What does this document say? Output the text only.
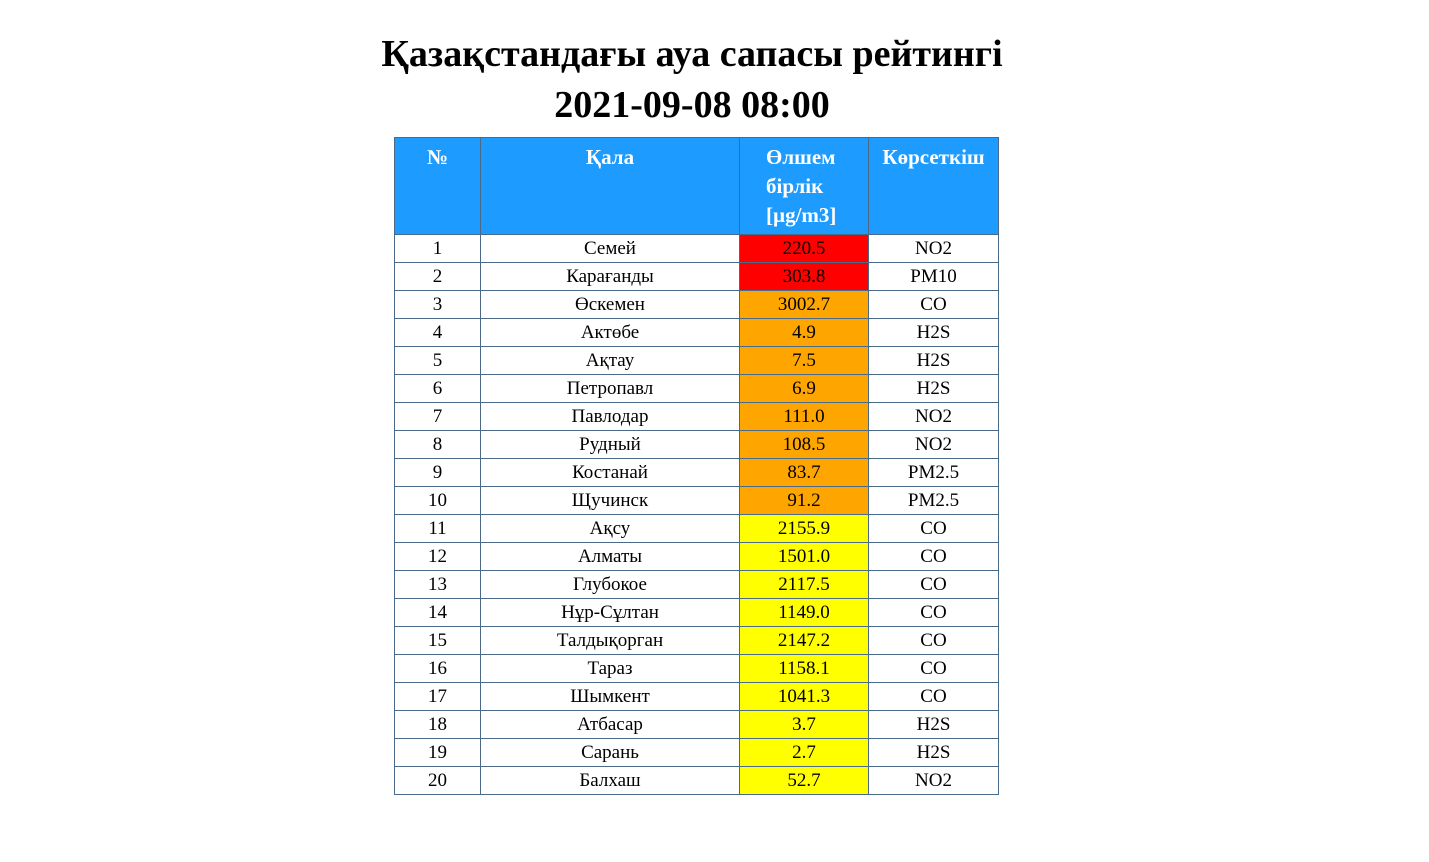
Қазақстандағы ауа сапасы рейтингі
2021-09-08 08:00
№	Қала	Өлшем бірлік [µg/m3]	Көрсеткіш
1	Семей	220.5	NO2
2	Карағанды	303.8	PM10
3	Өскемен	3002.7	CO
4	Актөбе	4.9	H2S
5	Ақтау	7.5	H2S
6	Петропавл	6.9	H2S
7	Павлодар	111.0	NO2
8	Рудный	108.5	NO2
9	Костанай	83.7	PM2.5
10	Щучинск	91.2	PM2.5
11	Ақсу	2155.9	CO
12	Алматы	1501.0	CO
13	Глубокое	2117.5	CO
14	Нұр-Сұлтан	1149.0	CO
15	Талдықорган	2147.2	CO
16	Тараз	1158.1	CO
17	Шымкент	1041.3	CO
18	Атбасар	3.7	H2S
19	Сарань	2.7	H2S
20	Балхаш	52.7	NO2
